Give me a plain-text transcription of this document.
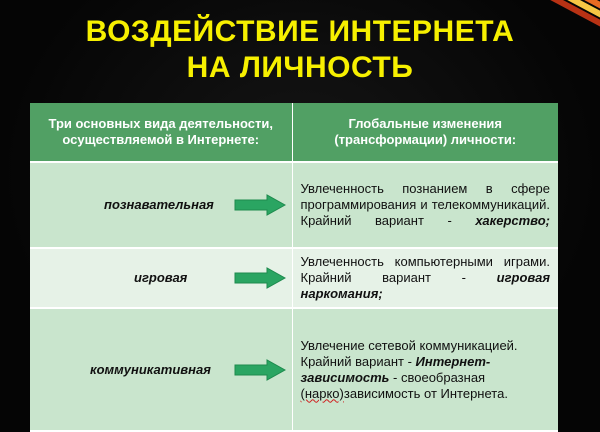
ВОЗДЕЙСТВИЕ ИНТЕРНЕТА
НА ЛИЧНОСТЬ
Три основных вида деятельности, осуществляемой в Интернете:	Глобальные изменения (трансформации) личности:

познавательная	Увлеченность познанием в сфере программирования и телекоммуникаций. Крайний вариант - хакерство;

игровая	Увлеченность компьютерными играми. Крайний вариант - игровая наркомания;

коммуникативная	Увлечение сетевой коммуникацией. Крайний вариант - Интернет-зависимость - своеобразная (нарко)зависимость от Интернета.
